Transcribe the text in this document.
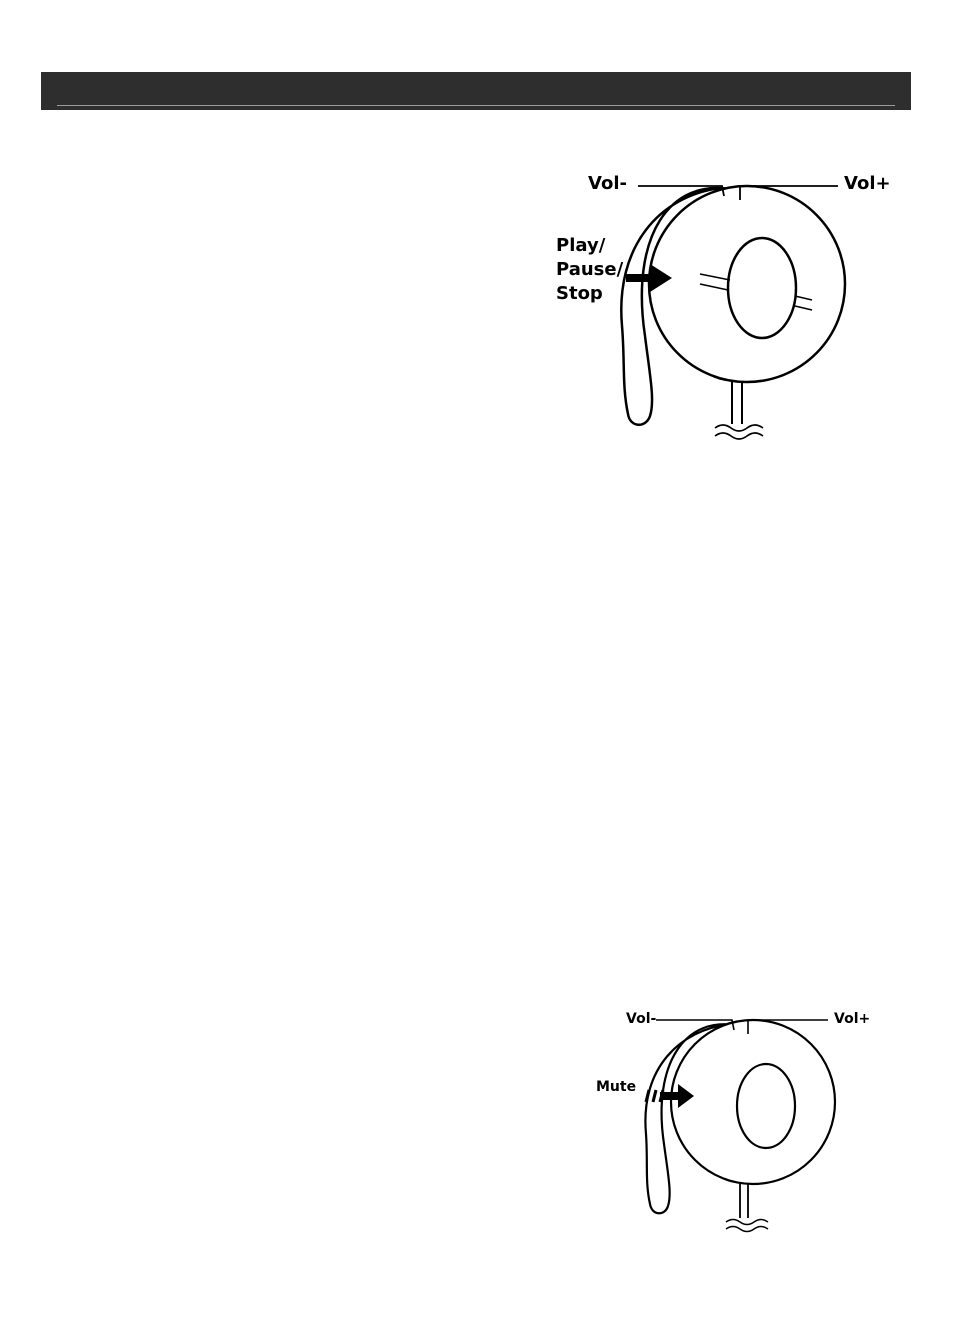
Vol-	Vol+
Play/
Pause/
Stop
Vol-	Vol+
Mute
